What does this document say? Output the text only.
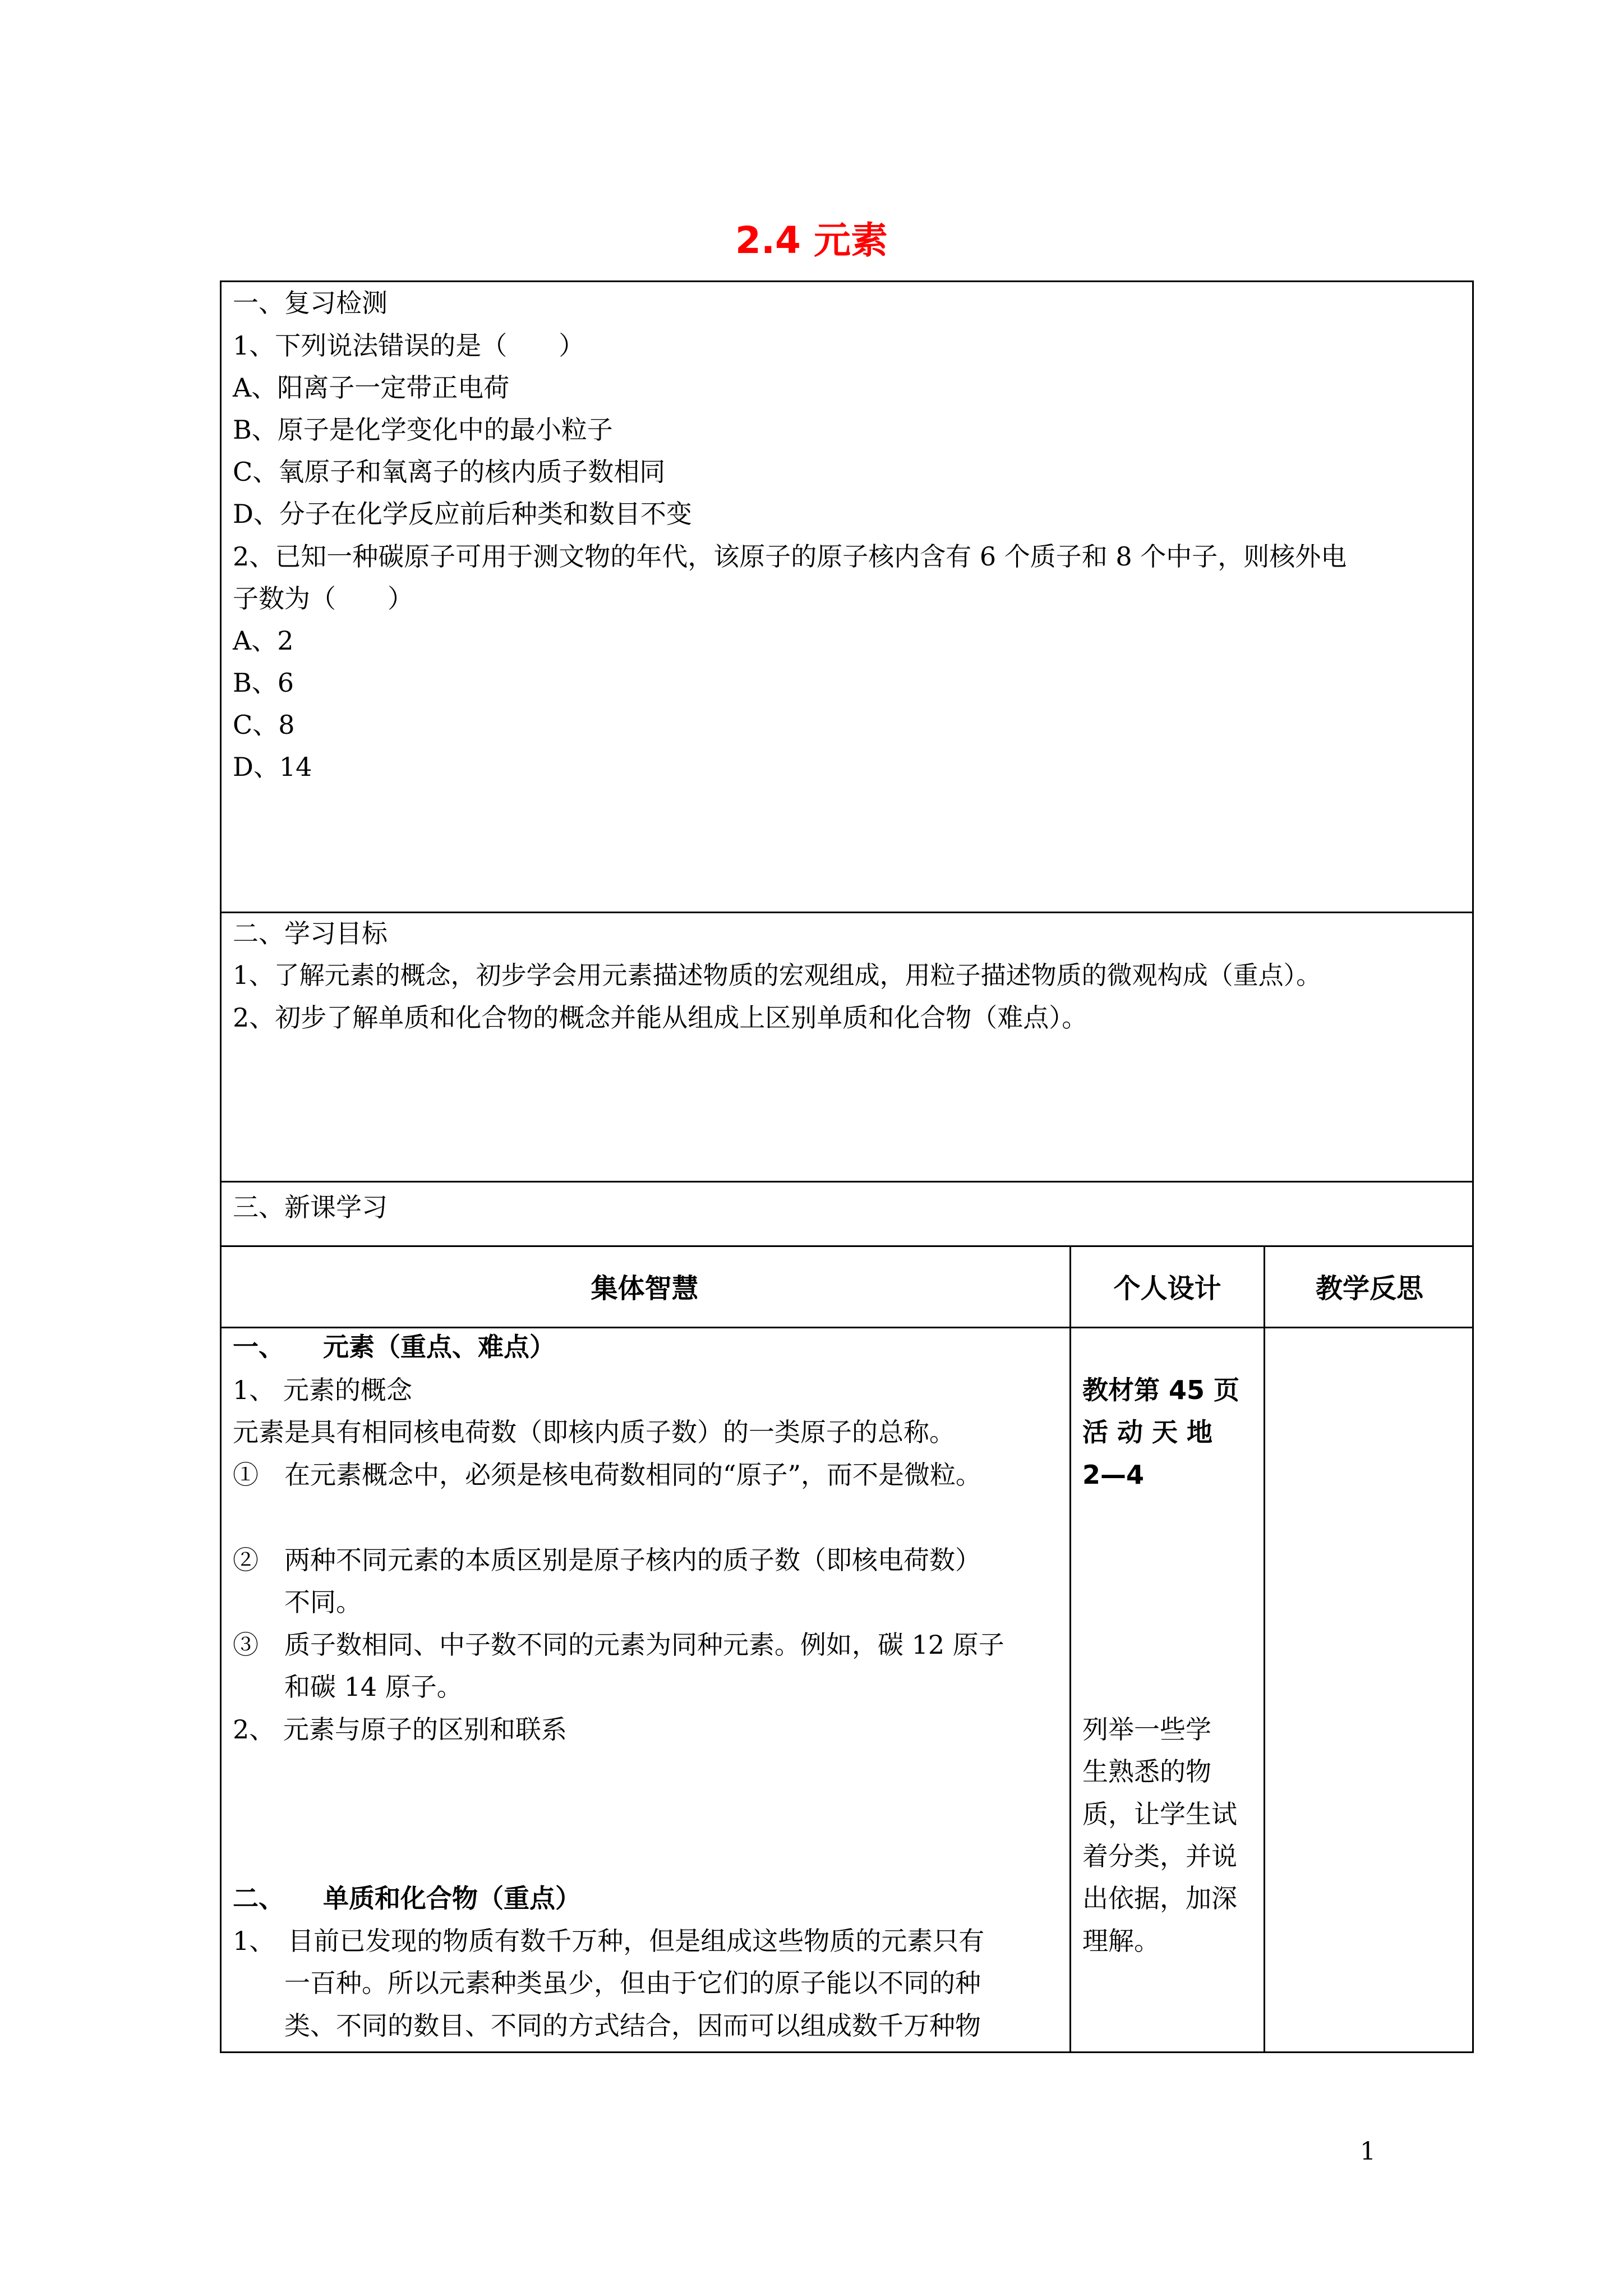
2.4 元素
一、复习检测
1、下列说法错误的是（　　）
A、阳离子一定带正电荷
B、原子是化学变化中的最小粒子
C、氧原子和氧离子的核内质子数相同
D、分子在化学反应前后种类和数目不变
2、已知一种碳原子可用于测文物的年代，该原子的原子核内含有 6 个质子和 8 个中子，则核外电
子数为（　　）
A、2
B、6
C、8
D、14
二、学习目标
1、了解元素的概念，初步学会用元素描述物质的宏观组成，用粒子描述物质的微观构成（重点）。
2、初步了解单质和化合物的概念并能从组成上区别单质和化合物（难点）。
三、新课学习
集体智慧	个人设计	教学反思
一、　　元素（重点、难点）
1、 元素的概念
元素是具有相同核电荷数（即核内质子数）的一类原子的总称。
①　在元素概念中，必须是核电荷数相同的“原子”，而不是微粒。
②　两种不同元素的本质区别是原子核内的质子数（即核电荷数）
不同。
③　质子数相同、中子数不同的元素为同种元素。例如，碳 12 原子
和碳 14 原子。
2、 元素与原子的区别和联系
二、　　单质和化合物（重点）
1、　目前已发现的物质有数千万种，但是组成这些物质的元素只有
一百种。所以元素种类虽少，但由于它们的原子能以不同的种
类、不同的数目、不同的方式结合，因而可以组成数千万种物
教材第 45 页
活 动 天 地
2—4
列举一些学
生熟悉的物
质，让学生试
着分类，并说
出依据，加深
理解。
1
